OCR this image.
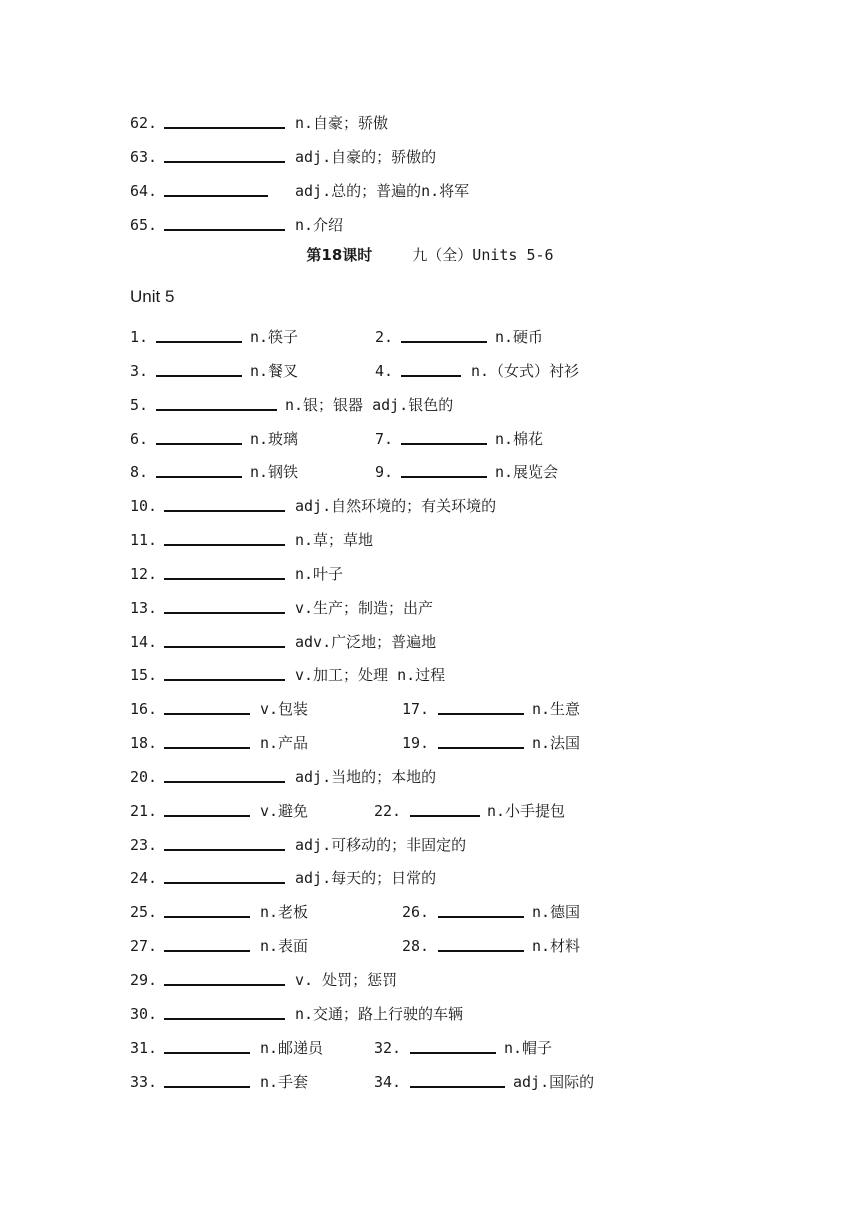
62.	n.自豪；骄傲
63.	adj.自豪的；骄傲的
64.	adj.总的；普遍的n.将军
65.	n.介绍
第18课时	九（全）Units 5-6
Unit 5
1.	n.筷子	2.	n.硬币
3.	n.餐叉	4.	n.（女式）衬衫
5.	n.银；银器 adj.银色的
6.	n.玻璃	7.	n.棉花
8.	n.钢铁	9.	n.展览会
10.	adj.自然环境的；有关环境的
11.	n.草；草地
12.	n.叶子
13.	v.生产；制造；出产
14.	adv.广泛地；普遍地
15.	v.加工；处理 n.过程
16.	v.包装	17.	n.生意
18.	n.产品	19.	n.法国
20.	adj.当地的；本地的
21.	v.避免	22.	n.小手提包
23.	adj.可移动的；非固定的
24.	adj.每天的；日常的
25.	n.老板	26.	n.德国
27.	n.表面	28.	n.材料
29.	v. 处罚；惩罚
30.	n.交通；路上行驶的车辆
31.	n.邮递员	32.	n.帽子
33.	n.手套	34.	adj.国际的
